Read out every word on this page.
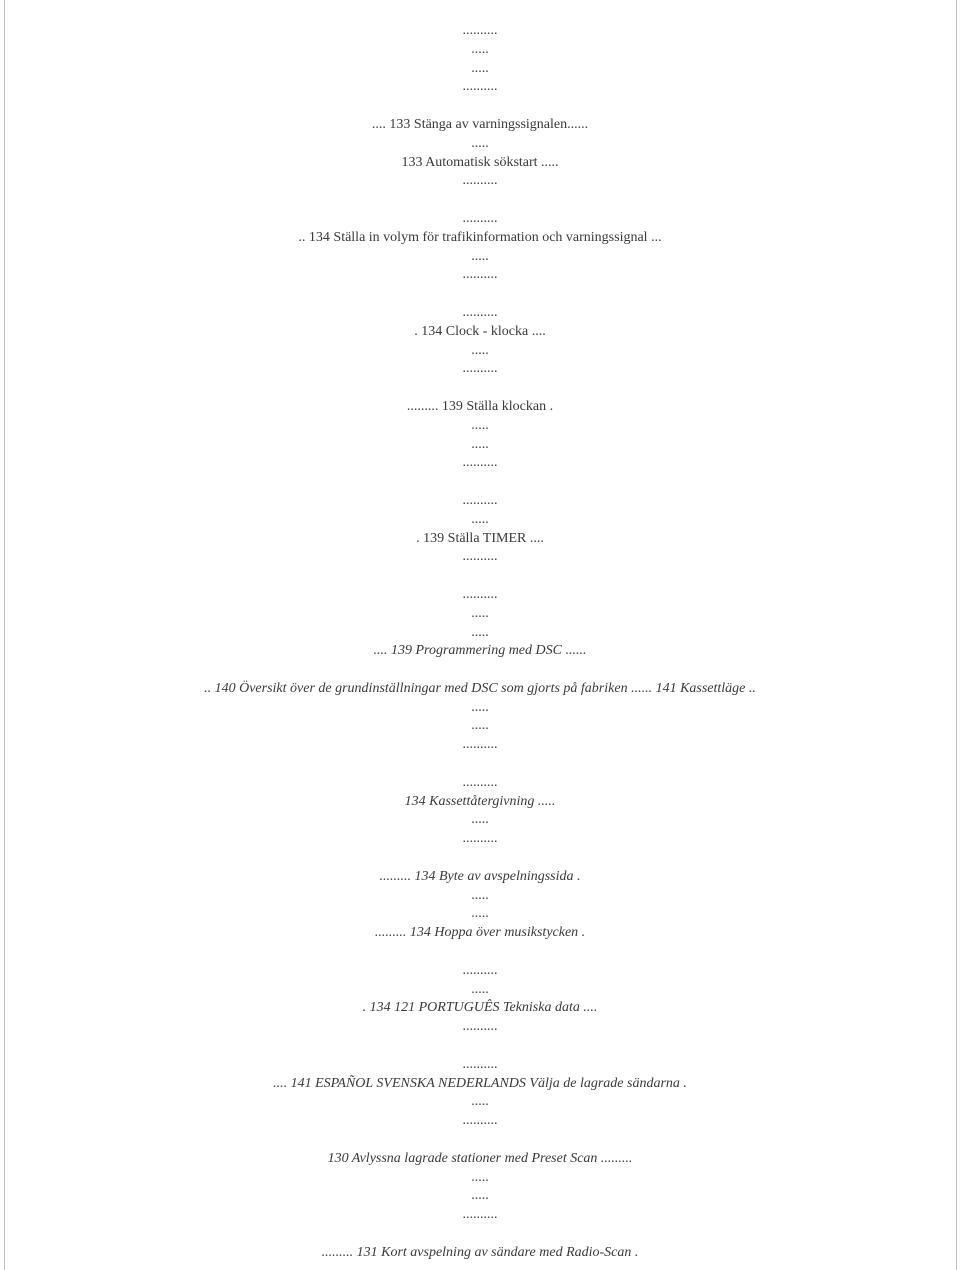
..........
.....
.....
..........
.... 133 Stänga av varningssignalen......
.....
133 Automatisk sökstart .....
..........
..........
.. 134 Ställa in volym för trafikinformation och varningssignal ...
.....
..........
..........
. 134 Clock - klocka ....
.....
..........
......... 139 Ställa klockan .
.....
.....
..........
..........
.....
. 139 Ställa TIMER ....
..........
..........
.....
.....
.... 139 Programmering med DSC ......
.. 140 Översikt över de grundinställningar med DSC som gjorts på fabriken ...... 141 Kassettläge ..
.....
.....
..........
..........
134 Kassettåtergivning .....
.....
..........
......... 134 Byte av avspelningssida .
.....
.....
......... 134 Hoppa över musikstycken .
..........
.....
. 134 121 PORTUGUÊS Tekniska data ....
..........
..........
.... 141 ESPAÑOL SVENSKA NEDERLANDS Välja de lagrade sändarna .
.....
..........
130 Avlyssna lagrade stationer med Preset Scan .........
.....
.....
..........
......... 131 Kort avspelning av sändare med Radio-Scan .
